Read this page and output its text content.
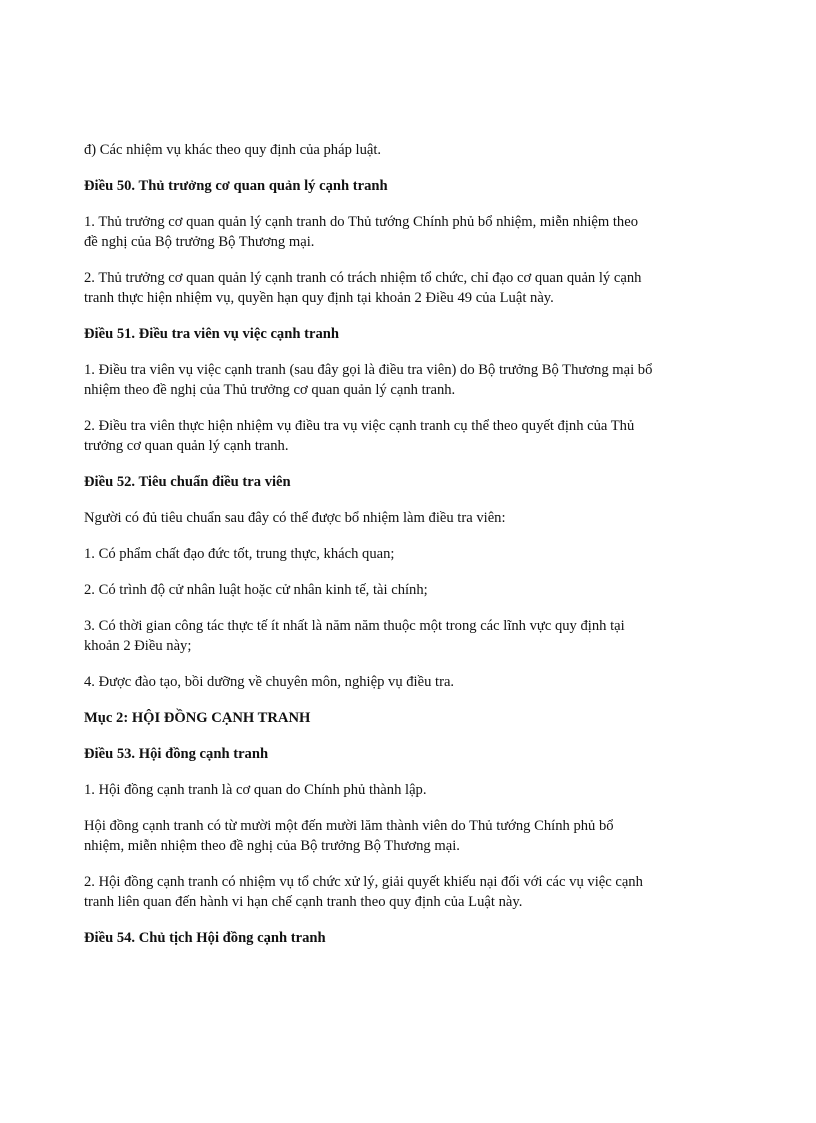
đ) Các nhiệm vụ khác theo quy định của pháp luật.
Điều 50. Thủ trưởng cơ quan quản lý cạnh tranh
1. Thủ trưởng cơ quan quản lý cạnh tranh do Thủ tướng Chính phủ bổ nhiệm, miễn nhiệm theo
đề nghị của Bộ trưởng Bộ Thương mại.
2. Thủ trưởng cơ quan quản lý cạnh tranh có trách nhiệm tổ chức, chỉ đạo cơ quan quản lý cạnh
tranh thực hiện nhiệm vụ, quyền hạn quy định tại khoản 2 Điều 49 của Luật này.
Điều 51. Điều tra viên vụ việc cạnh tranh
1. Điều tra viên vụ việc cạnh tranh (sau đây gọi là điều tra viên) do Bộ trưởng Bộ Thương mại bổ
nhiệm theo đề nghị của Thủ trưởng cơ quan quản lý cạnh tranh.
2. Điều tra viên thực hiện nhiệm vụ điều tra vụ việc cạnh tranh cụ thể theo quyết định của Thủ
trưởng cơ quan quản lý cạnh tranh.
Điều 52. Tiêu chuẩn điều tra viên
Người có đủ tiêu chuẩn sau đây có thể được bổ nhiệm làm điều tra viên:
1. Có phẩm chất đạo đức tốt, trung thực, khách quan;
2. Có trình độ cử nhân luật hoặc cử nhân kinh tế, tài chính;
3. Có thời gian công tác thực tế ít nhất là năm năm thuộc một trong các lĩnh vực quy định tại
khoản 2 Điều này;
4. Được đào tạo, bồi dưỡng về chuyên môn, nghiệp vụ điều tra.
Mục 2: HỘI ĐỒNG CẠNH TRANH
Điều 53. Hội đồng cạnh tranh
1. Hội đồng cạnh tranh là cơ quan do Chính phủ thành lập.
Hội đồng cạnh tranh có từ mười một đến mười lăm thành viên do Thủ tướng Chính phủ bổ
nhiệm, miễn nhiệm theo đề nghị của Bộ trưởng Bộ Thương mại.
2. Hội đồng cạnh tranh có nhiệm vụ tổ chức xử lý, giải quyết khiếu nại đối với các vụ việc cạnh
tranh liên quan đến hành vi hạn chế cạnh tranh theo quy định của Luật này.
Điều 54. Chủ tịch Hội đồng cạnh tranh
